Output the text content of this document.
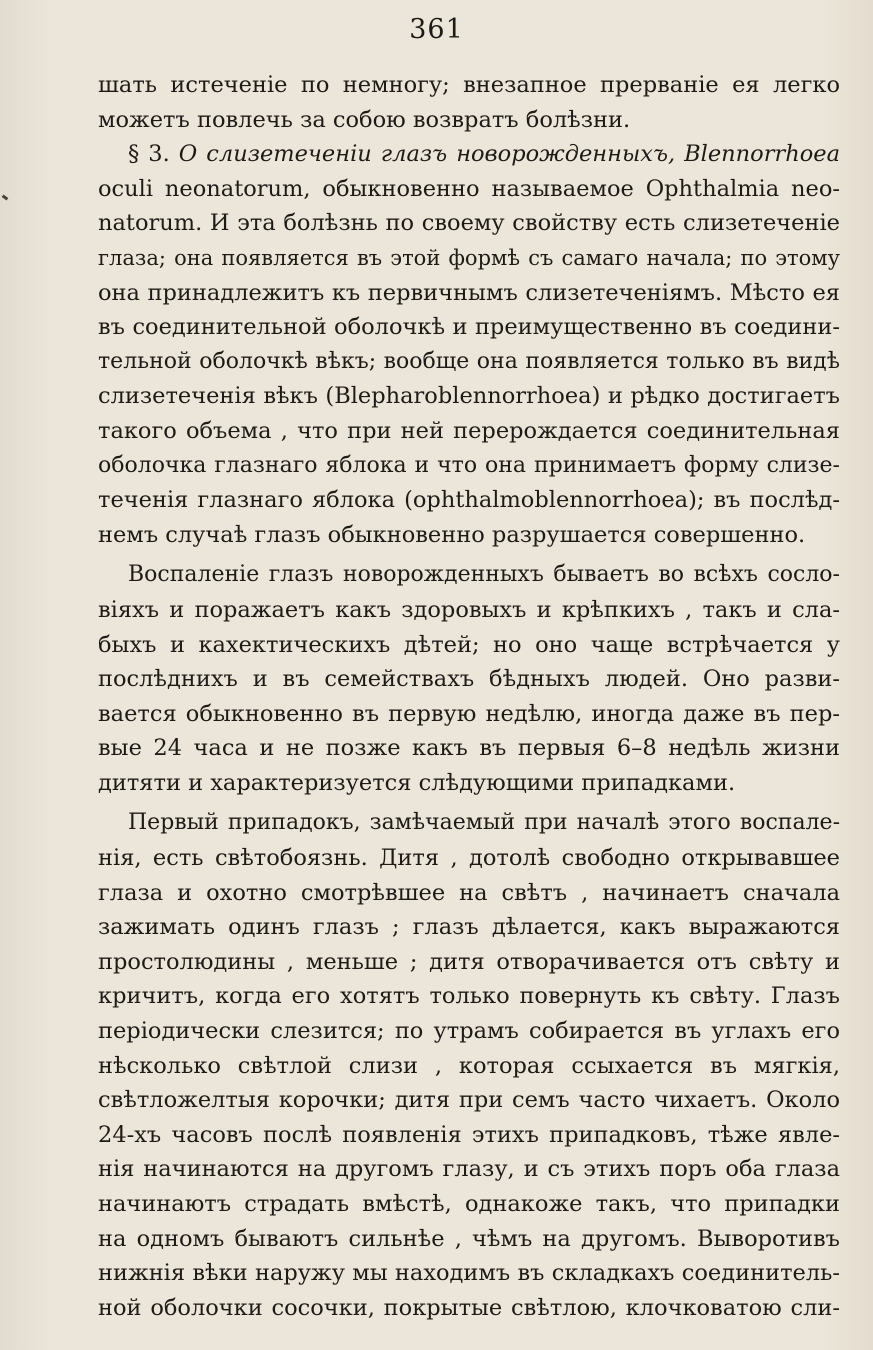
361
шать истеченіе по немногу; внезапное прерваніе ея легко
можетъ повлечь за собою возвратъ болѣзни.
§ 3. О слизетеченіи глазъ новорожденныхъ, Blennorrhoea
oculi neonatorum, обыкновенно называемое Ophthalmia neo-
natorum. И эта болѣзнь по своему свойству есть слизетеченіе
глаза; она появляется въ этой формѣ съ самаго начала; по этому
она принадлежитъ къ первичнымъ слизетеченіямъ. Мѣсто ея
въ соединительной оболочкѣ и преимущественно въ соедини-
тельной оболочкѣ вѣкъ; вообще она появляется только въ видѣ
слизетеченія вѣкъ (Blepharoblennorrhoea) и рѣдко достигаетъ
такого объема , что при ней перерождается соединительная
оболочка глазнаго яблока и что она принимаетъ форму слизе-
теченія глазнаго яблока (ophthalmoblennorrhoea); въ послѣд-
немъ случаѣ глазъ обыкновенно разрушается совершенно.
Воспаленіе глазъ новорожденныхъ бываетъ во всѣхъ сосло-
віяхъ и поражаетъ какъ здоровыхъ и крѣпкихъ , такъ и сла-
быхъ и кахектическихъ дѣтей; но оно чаще встрѣчается у
послѣднихъ и въ семействахъ бѣдныхъ людей. Оно разви-
вается обыкновенно въ первую недѣлю, иногда даже въ пер-
вые 24 часа и не позже какъ въ первыя 6–8 недѣль жизни
дитяти и характеризуется слѣдующими припадками.
Первый припадокъ, замѣчаемый при началѣ этого воспале-
нія, есть свѣтобоязнь. Дитя , дотолѣ свободно открывавшее
глаза и охотно смотрѣвшее на свѣтъ , начинаетъ сначала
зажимать одинъ глазъ ; глазъ дѣлается, какъ выражаются
простолюдины , меньше ; дитя отворачивается отъ свѣту и
кричитъ, когда его хотятъ только повернуть къ свѣту. Глазъ
періодически слезится; по утрамъ собирается въ углахъ его
нѣсколько свѣтлой слизи , которая ссыхается въ мягкія,
свѣтложелтыя корочки; дитя при семъ часто чихаетъ. Около
24-хъ часовъ послѣ появленія этихъ припадковъ, тѣже явле-
нія начинаются на другомъ глазу, и съ этихъ поръ оба глаза
начинаютъ страдать вмѣстѣ, однакоже такъ, что припадки
на одномъ бываютъ сильнѣе , чѣмъ на другомъ. Выворотивъ
нижнія вѣки наружу мы находимъ въ складкахъ соединитель-
ной оболочки сосочки, покрытые свѣтлою, клочковатою сли-
